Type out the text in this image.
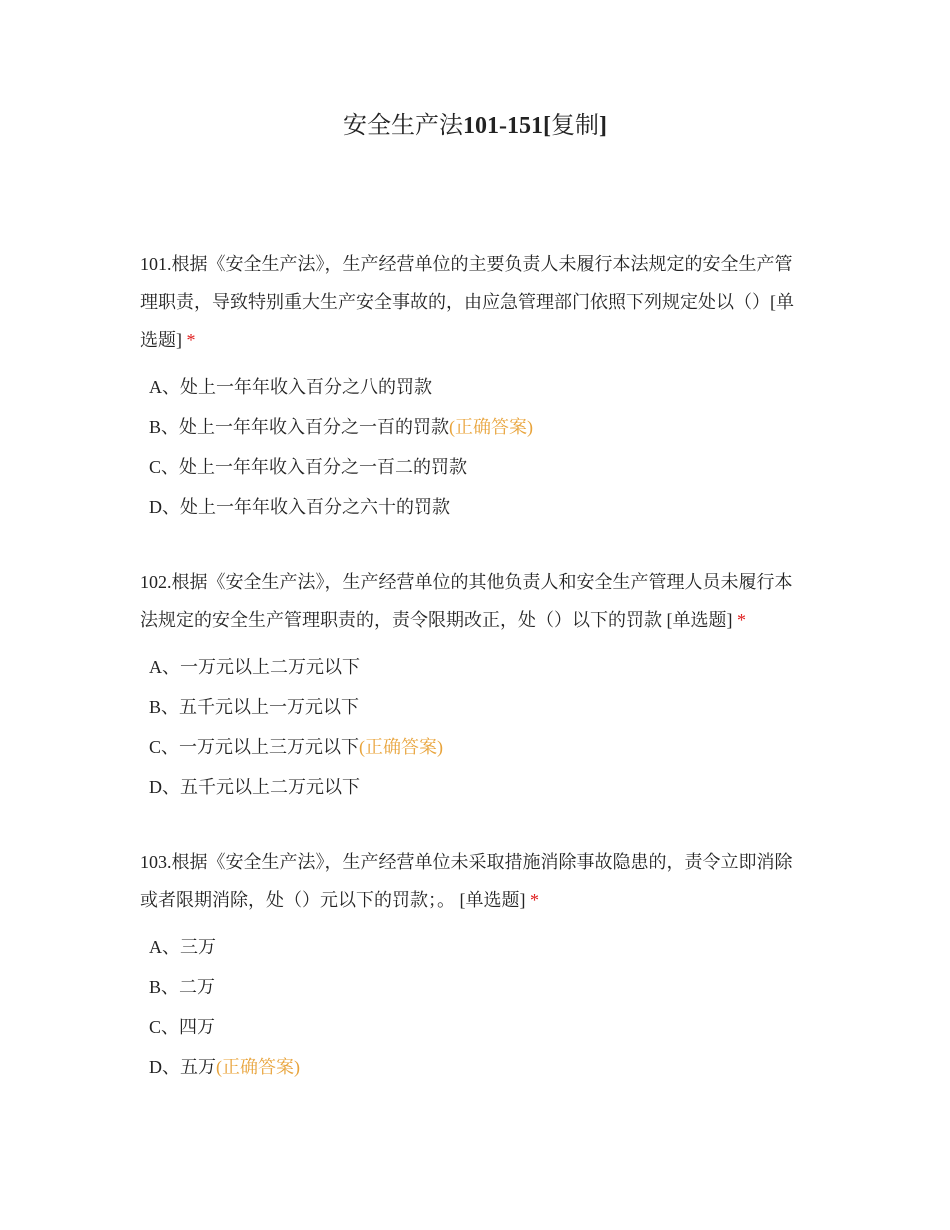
安全生产法101-151[复制]

101.根据《安全生产法》，生产经营单位的主要负责人未履行本法规定的安全生产管理职责，导致特别重大生产安全事故的，由应急管理部门依照下列规定处以（）[单选题] *

A、处上一年年收入百分之八的罚款
B、处上一年年收入百分之一百的罚款(正确答案)
C、处上一年年收入百分之一百二的罚款
D、处上一年年收入百分之六十的罚款

102.根据《安全生产法》，生产经营单位的其他负责人和安全生产管理人员未履行本法规定的安全生产管理职责的，责令限期改正，处（）以下的罚款 [单选题] *

A、一万元以上二万元以下
B、五千元以上一万元以下
C、一万元以上三万元以下(正确答案)
D、五千元以上二万元以下

103.根据《安全生产法》，生产经营单位未采取措施消除事故隐患的，责令立即消除或者限期消除，处（）元以下的罚款；。 [单选题] *

A、三万
B、二万
C、四万
D、五万(正确答案)
